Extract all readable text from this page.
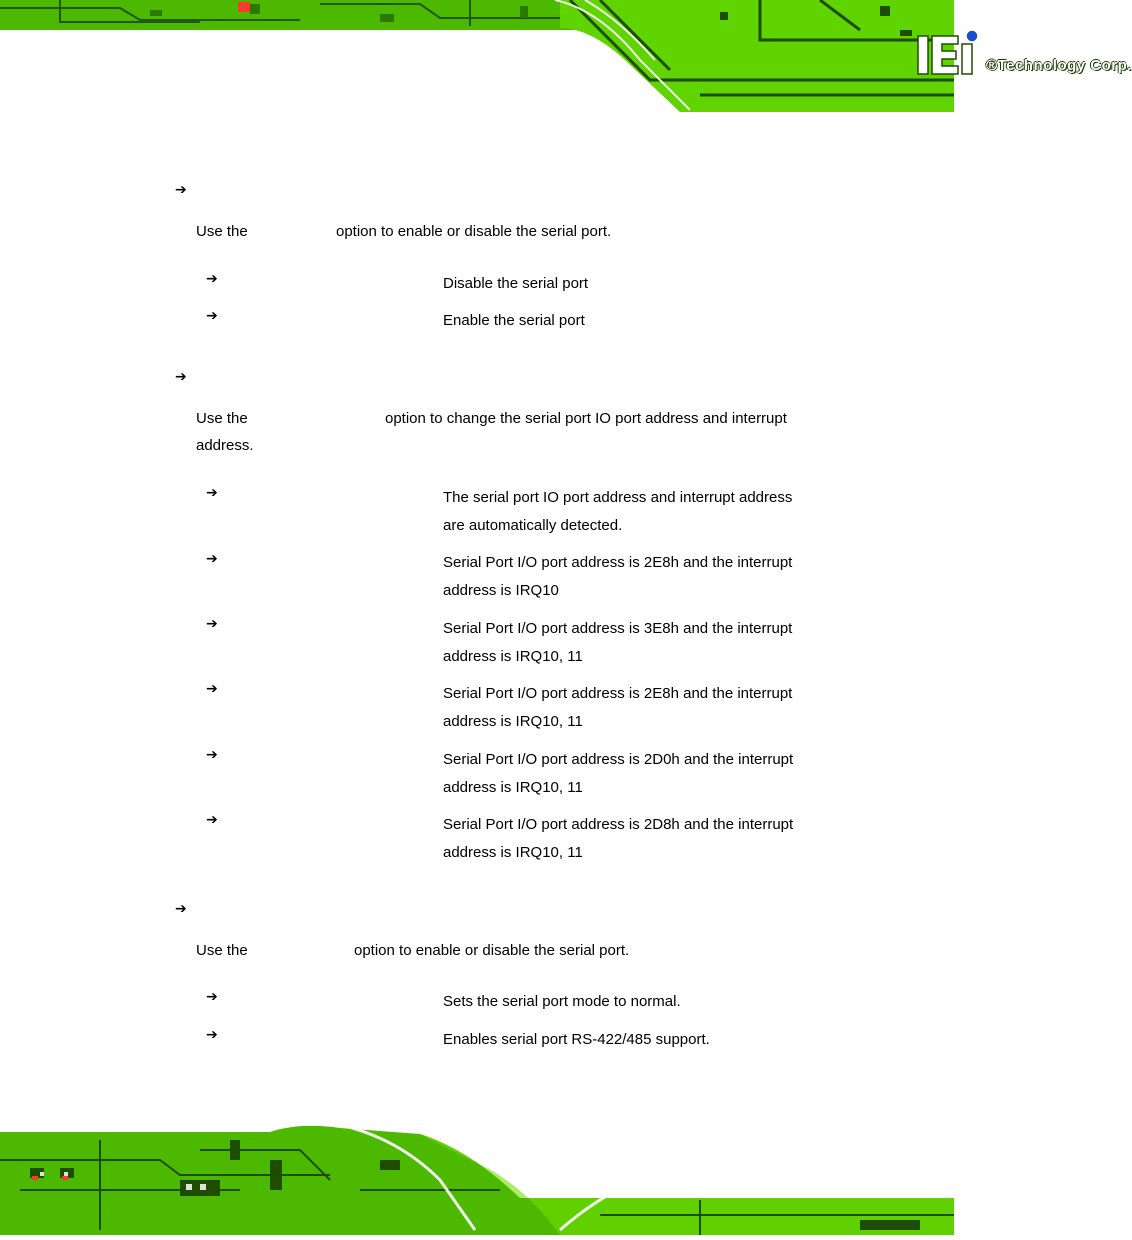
®Technology Corp.
➔
Use the	option to enable or disable the serial port.
➔	Disable the serial port
➔	Enable the serial port
➔
Use the	option to change the serial port IO port address and interrupt
address.
➔	The serial port IO port address and interrupt address are automatically detected.
➔	Serial Port I/O port address is 2E8h and the interrupt address is IRQ10
➔	Serial Port I/O port address is 3E8h and the interrupt address is IRQ10, 11
➔	Serial Port I/O port address is 2E8h and the interrupt address is IRQ10, 11
➔	Serial Port I/O port address is 2D0h and the interrupt address is IRQ10, 11
➔	Serial Port I/O port address is 2D8h and the interrupt address is IRQ10, 11
➔
Use the	option to enable or disable the serial port.
➔	Sets the serial port mode to normal.
➔	Enables serial port RS-422/485 support.
